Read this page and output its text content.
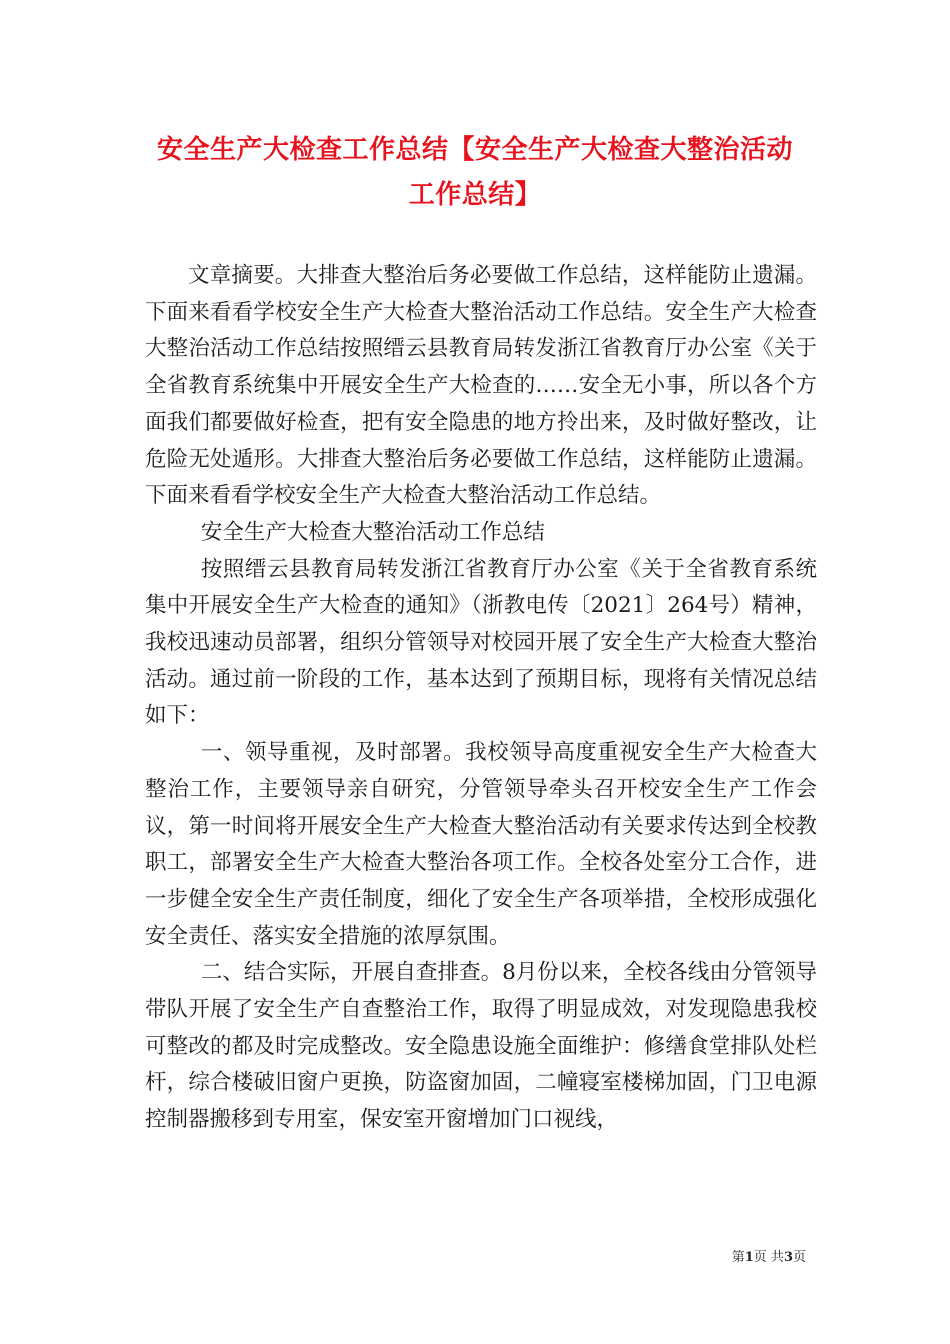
安全生产大检查工作总结【安全生产大检查大整治活动工作总结】

文章摘要。大排查大整治后务必要做工作总结，这样能防止遗漏。下面来看看学校安全生产大检查大整治活动工作总结。安全生产大检查大整治活动工作总结按照缙云县教育局转发浙江省教育厅办公室《关于全省教育系统集中开展安全生产大检查的……安全无小事，所以各个方面我们都要做好检查，把有安全隐患的地方拎出来，及时做好整改，让危险无处遁形。大排查大整治后务必要做工作总结，这样能防止遗漏。下面来看看学校安全生产大检查大整治活动工作总结。

安全生产大检查大整治活动工作总结

按照缙云县教育局转发浙江省教育厅办公室《关于全省教育系统集中开展安全生产大检查的通知》（浙教电传〔2021〕264号）精神，我校迅速动员部署，组织分管领导对校园开展了安全生产大检查大整治活动。通过前一阶段的工作，基本达到了预期目标，现将有关情况总结如下：

一、领导重视，及时部署。我校领导高度重视安全生产大检查大整治工作，主要领导亲自研究，分管领导牵头召开校安全生产工作会议，第一时间将开展安全生产大检查大整治活动有关要求传达到全校教职工，部署安全生产大检查大整治各项工作。全校各处室分工合作，进一步健全安全生产责任制度，细化了安全生产各项举措，全校形成强化安全责任、落实安全措施的浓厚氛围。

二、结合实际，开展自查排查。8月份以来，全校各线由分管领导带队开展了安全生产自查整治工作，取得了明显成效，对发现隐患我校可整改的都及时完成整改。安全隐患设施全面维护：修缮食堂排队处栏杆，综合楼破旧窗户更换，防盗窗加固，二幢寝室楼梯加固，门卫电源控制器搬移到专用室，保安室开窗增加门口视线，

第1页 共3页
